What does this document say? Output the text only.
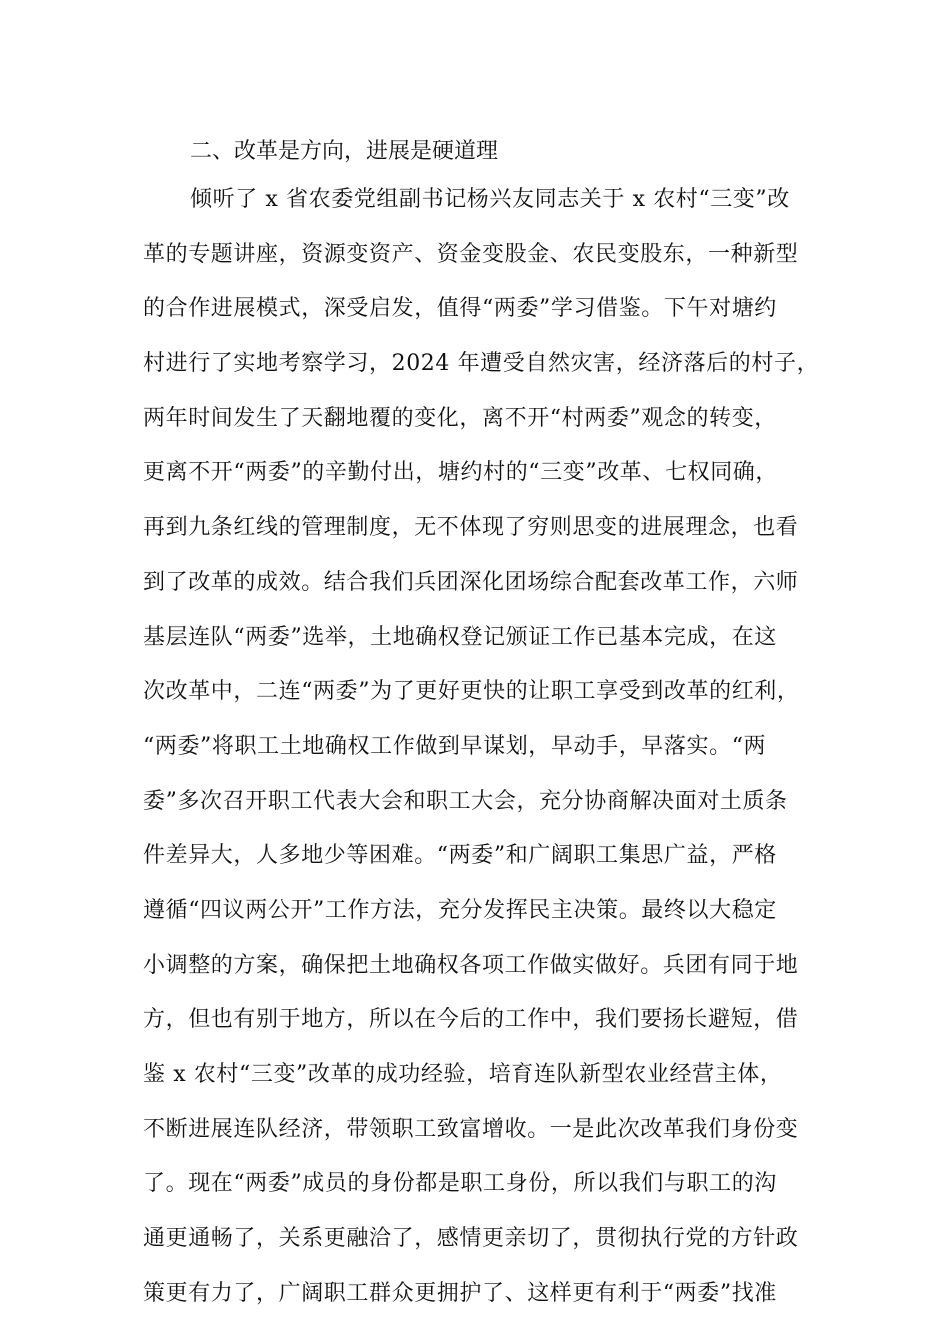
二、改革是方向，进展是硬道理
倾听了 x 省农委党组副书记杨兴友同志关于 x 农村“三变”改
革的专题讲座，资源变资产、资金变股金、农民变股东，一种新型
的合作进展模式，深受启发，值得“两委”学习借鉴。下午对塘约
村进行了实地考察学习，2024 年遭受自然灾害，经济落后的村子，
两年时间发生了天翻地覆的变化，离不开“村两委”观念的转变，
更离不开“两委”的辛勤付出，塘约村的“三变”改革、七权同确，
再到九条红线的管理制度，无不体现了穷则思变的进展理念，也看
到了改革的成效。结合我们兵团深化团场综合配套改革工作，六师
基层连队“两委”选举，土地确权登记颁证工作已基本完成，在这
次改革中，二连“两委”为了更好更快的让职工享受到改革的红利，
“两委”将职工土地确权工作做到早谋划，早动手，早落实。“两
委”多次召开职工代表大会和职工大会，充分协商解决面对土质条
件差异大，人多地少等困难。“两委”和广阔职工集思广益，严格
遵循“四议两公开”工作方法，充分发挥民主决策。最终以大稳定
小调整的方案，确保把土地确权各项工作做实做好。兵团有同于地
方，但也有别于地方，所以在今后的工作中，我们要扬长避短，借
鉴 x 农村“三变”改革的成功经验，培育连队新型农业经营主体，
不断进展连队经济，带领职工致富增收。一是此次改革我们身份变
了。现在“两委”成员的身份都是职工身份，所以我们与职工的沟
通更通畅了，关系更融洽了，感情更亲切了，贯彻执行党的方针政
策更有力了，广阔职工群众更拥护了、这样更有利于“两委”找准
